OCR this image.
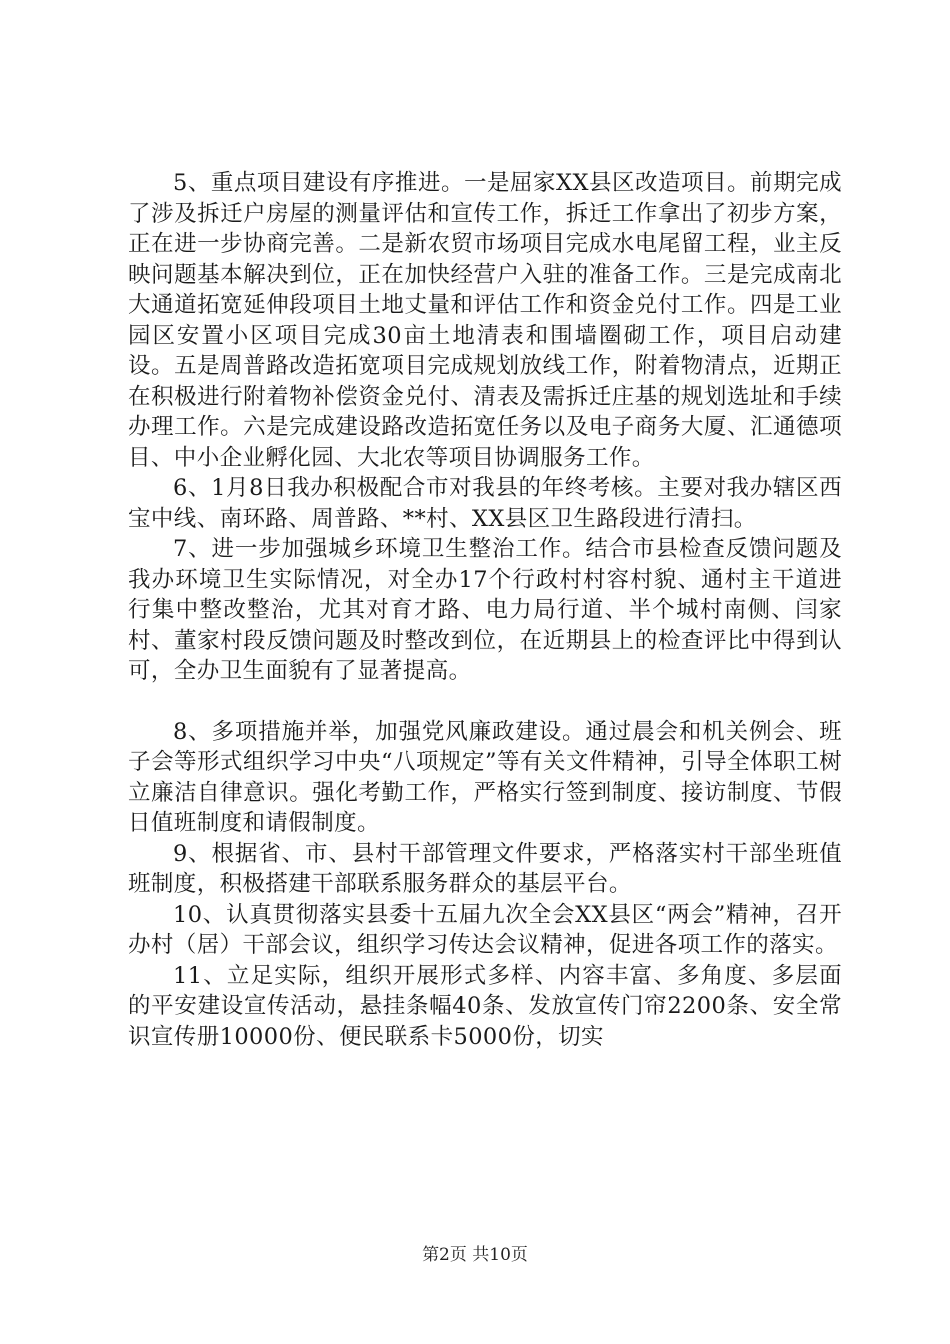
5、重点项目建设有序推进。一是屈家XX县区改造项目。前期完成了涉及拆迁户房屋的测量评估和宣传工作，拆迁工作拿出了初步方案，正在进一步协商完善。二是新农贸市场项目完成水电尾留工程，业主反映问题基本解决到位，正在加快经营户入驻的准备工作。三是完成南北大通道拓宽延伸段项目土地丈量和评估工作和资金兑付工作。四是工业园区安置小区项目完成30亩土地清表和围墙圈砌工作，项目启动建设。五是周普路改造拓宽项目完成规划放线工作，附着物清点，近期正在积极进行附着物补偿资金兑付、清表及需拆迁庄基的规划选址和手续办理工作。六是完成建设路改造拓宽任务以及电子商务大厦、汇通德项目、中小企业孵化园、大北农等项目协调服务工作。

6、1月8日我办积极配合市对我县的年终考核。主要对我办辖区西宝中线、南环路、周普路、**村、XX县区卫生路段进行清扫。

7、进一步加强城乡环境卫生整治工作。结合市县检查反馈问题及我办环境卫生实际情况，对全办17个行政村村容村貌、通村主干道进行集中整改整治，尤其对育才路、电力局行道、半个城村南侧、闫家村、董家村段反馈问题及时整改到位，在近期县上的检查评比中得到认可，全办卫生面貌有了显著提高。

8、多项措施并举，加强党风廉政建设。通过晨会和机关例会、班子会等形式组织学习中央“八项规定”等有关文件精神，引导全体职工树立廉洁自律意识。强化考勤工作，严格实行签到制度、接访制度、节假日值班制度和请假制度。

9、根据省、市、县村干部管理文件要求，严格落实村干部坐班值班制度，积极搭建干部联系服务群众的基层平台。

10、认真贯彻落实县委十五届九次全会XX县区“两会”精神，召开办村（居）干部会议，组织学习传达会议精神，促进各项工作的落实。

11、立足实际，组织开展形式多样、内容丰富、多角度、多层面的平安建设宣传活动，悬挂条幅40条、发放宣传门帘2200条、安全常识宣传册10000份、便民联系卡5000份，切实

第2页 共10页
